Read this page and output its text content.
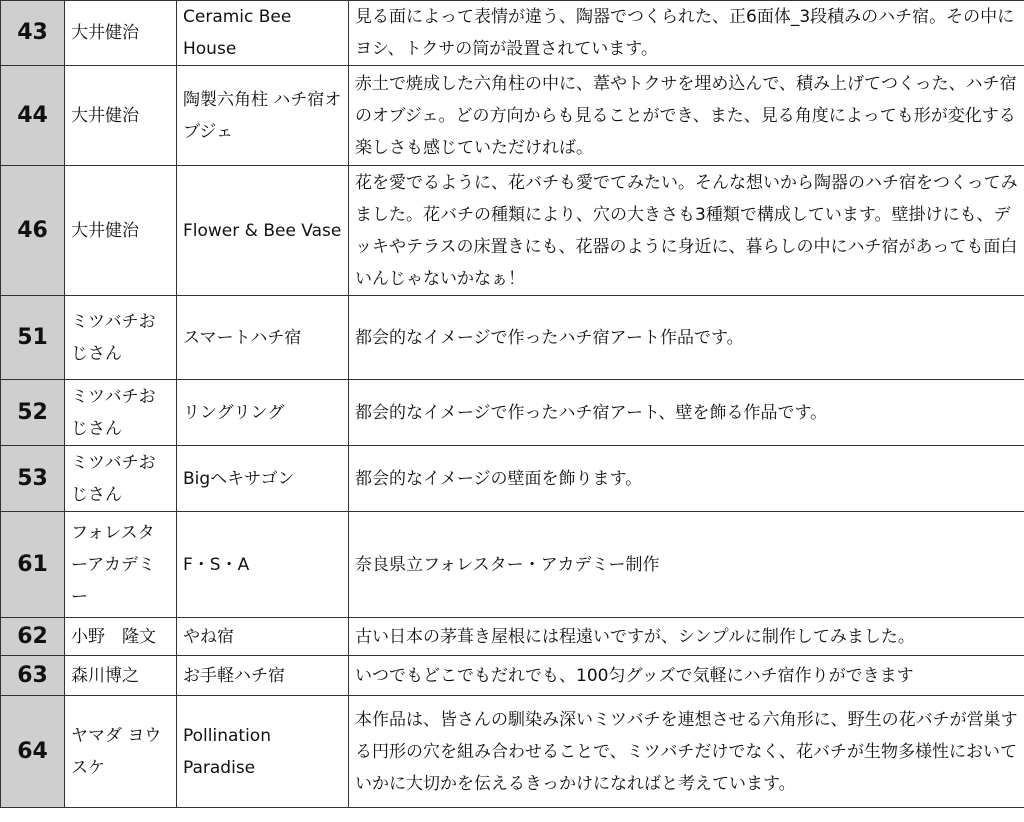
43	大井健治	Ceramic Bee House	見る面によって表情が違う、陶器でつくられた、正6面体_3段積みのハチ宿。その中にヨシ、トクサの筒が設置されています。
44	大井健治	陶製六角柱 ハチ宿オブジェ	赤土で焼成した六角柱の中に、葦やトクサを埋め込んで、積み上げてつくった、ハチ宿のオブジェ。どの方向からも見ることができ、また、見る角度によっても形が変化する楽しさも感じていただければ。
46	大井健治	Flower & Bee Vase	花を愛でるように、花バチも愛でてみたい。そんな想いから陶器のハチ宿をつくってみました。花バチの種類により、穴の大きさも3種類で構成しています。壁掛けにも、デッキやテラスの床置きにも、花器のように身近に、暮らしの中にハチ宿があっても面白いんじゃないかなぁ！
51	ミツバチおじさん	スマートハチ宿	都会的なイメージで作ったハチ宿アート作品です。
52	ミツバチおじさん	リングリング	都会的なイメージで作ったハチ宿アート、壁を飾る作品です。
53	ミツバチおじさん	Bigヘキサゴン	都会的なイメージの壁面を飾ります。
61	フォレスターアカデミー	F・S・A	奈良県立フォレスター・アカデミー制作
62	小野　隆文	やね宿	古い日本の茅葺き屋根には程遠いですが、シンプルに制作してみました。
63	森川博之	お手軽ハチ宿	いつでもどこでもだれでも、100匀グッズで気軽にハチ宿作りができます
64	ヤマダ ヨウスケ	Pollination Paradise	本作品は、皆さんの馴染み深いミツバチを連想させる六角形に、野生の花バチが営巣する円形の穴を組み合わせることで、ミツバチだけでなく、花バチが生物多様性においていかに大切かを伝えるきっかけになればと考えています。
